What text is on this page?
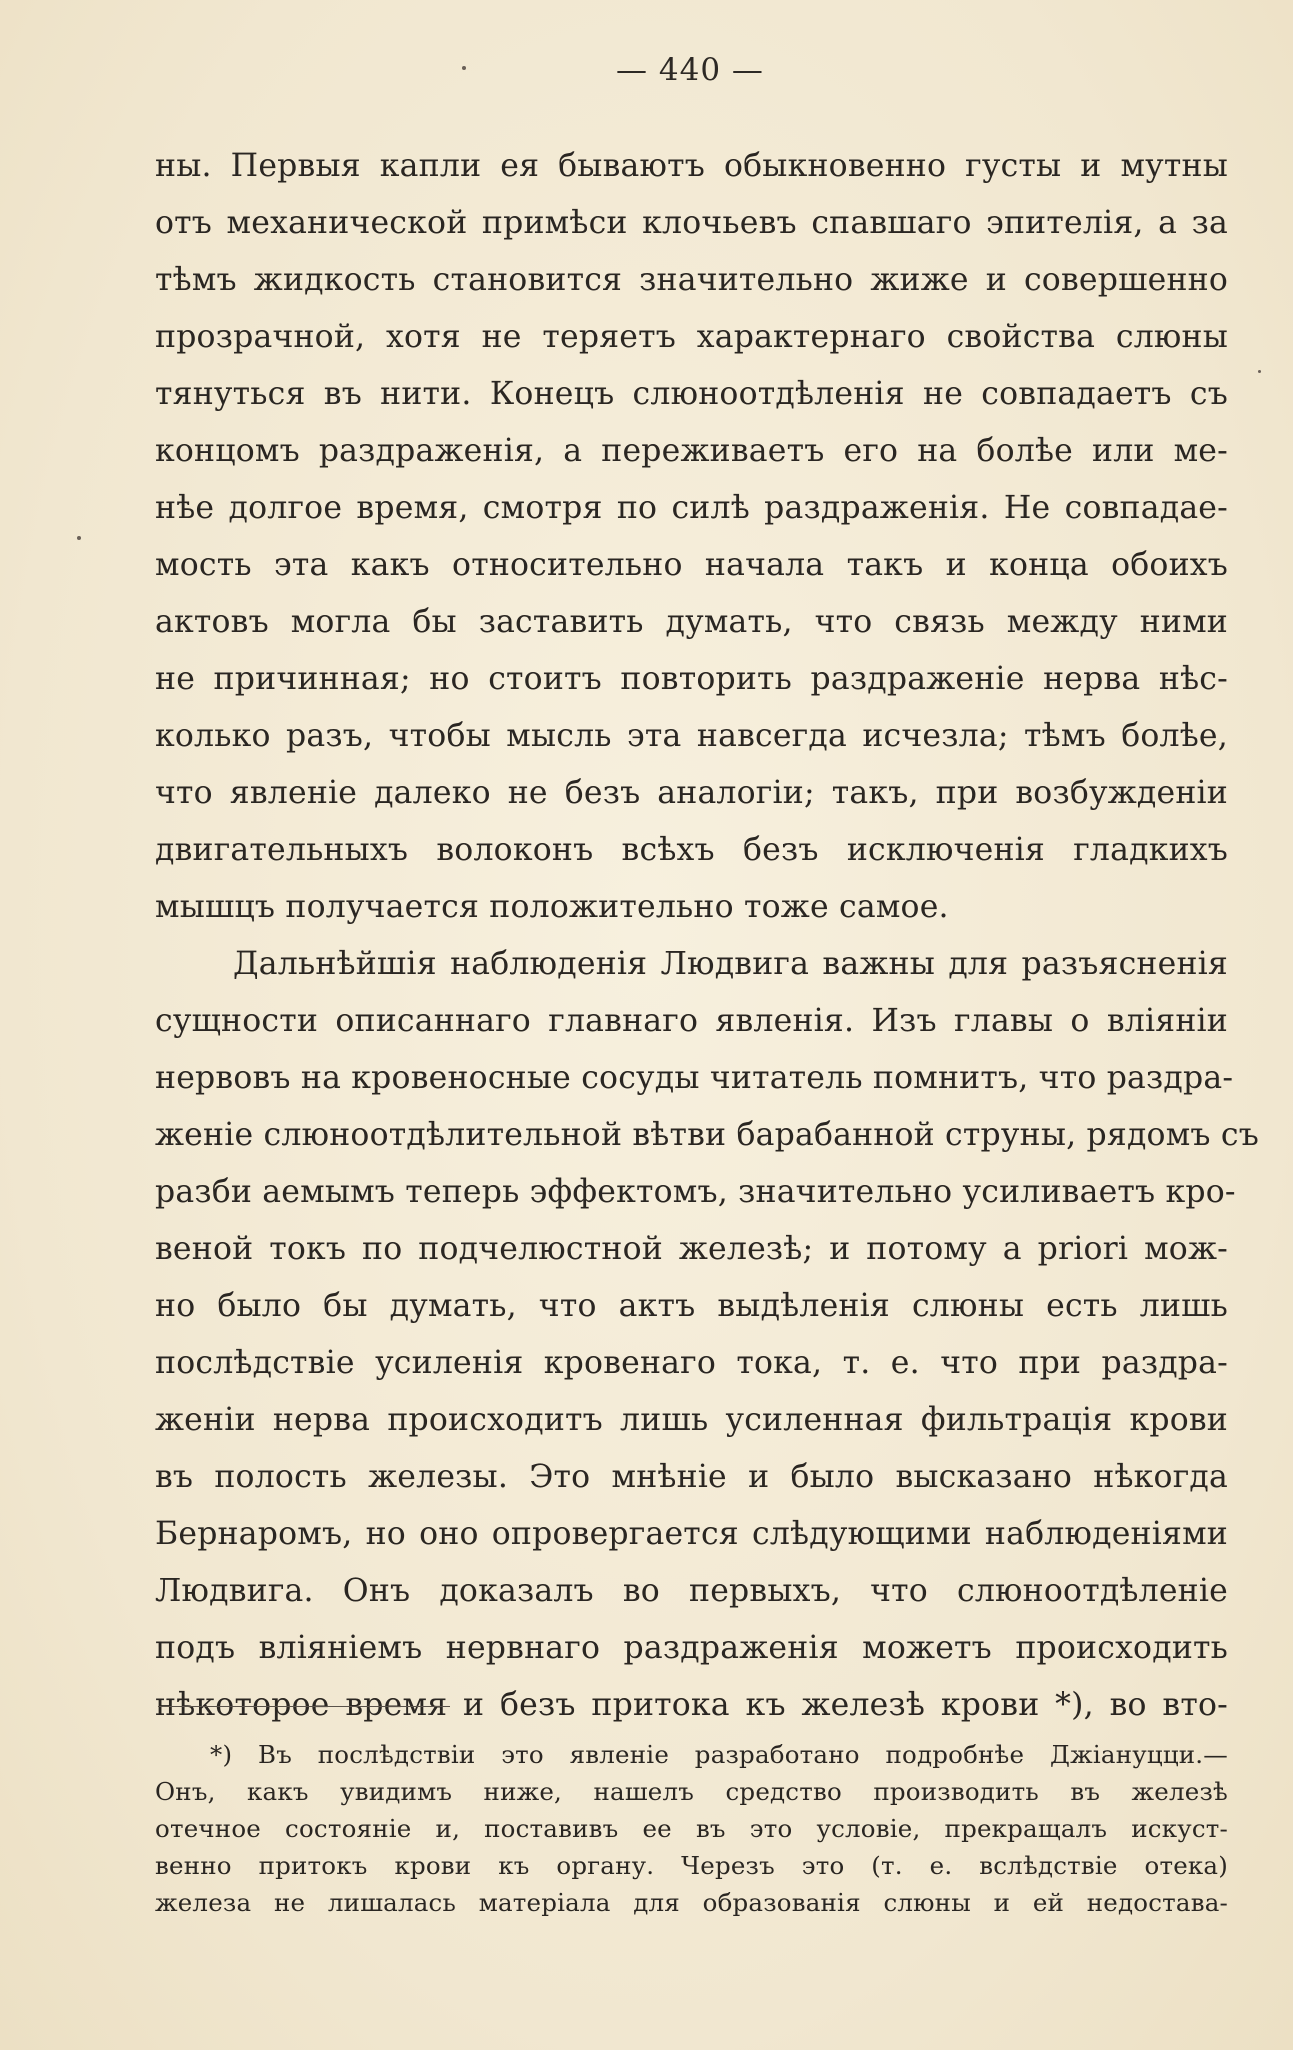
— 440 —
ны. Первыя капли ея бываютъ обыкновенно густы и мутны
отъ механической примѣси клочьевъ спавшаго эпителія, а за
тѣмъ жидкость становится значительно жиже и совершенно
прозрачной, хотя не теряетъ характернаго свойства слюны
тянуться въ нити. Конецъ слюноотдѣленія не совпадаетъ съ
концомъ раздраженія, а переживаетъ его на болѣе или ме-
нѣе долгое время, смотря по силѣ раздраженія. Не совпадае-
мость эта какъ относительно начала такъ и конца обоихъ
актовъ могла бы заставить думать, что связь между ними
не причинная; но стоитъ повторить раздраженіе нерва нѣс-
колько разъ, чтобы мысль эта навсегда исчезла; тѣмъ болѣе,
что явленіе далеко не безъ аналогіи; такъ, при возбужденіи
двигательныхъ волоконъ всѣхъ безъ исключенія гладкихъ
мышцъ получается положительно тоже самое.
Дальнѣйшія наблюденія Людвига важны для разъясненія
сущности описаннаго главнаго явленія. Изъ главы о вліяніи
нервовъ на кровеносные сосуды читатель помнитъ, что раздра-
женіе слюноотдѣлительной вѣтви барабанной струны, рядомъ съ
разби аемымъ теперь эффектомъ, значительно усиливаетъ кро-
веной токъ по подчелюстной железѣ; и потому a priori мож-
но было бы думать, что актъ выдѣленія слюны есть лишь
послѣдствіе усиленія кровенаго тока, т. е. что при раздра-
женіи нерва происходитъ лишь усиленная фильтрація крови
въ полость железы. Это мнѣніе и было высказано нѣкогда
Бернаромъ, но оно опровергается слѣдующими наблюденіями
Людвига. Онъ доказалъ во первыхъ, что слюноотдѣленіе
подъ вліяніемъ нервнаго раздраженія можетъ происходить
нѣкоторое время и безъ притока къ железѣ крови *), во вто-
*) Въ послѣдствіи это явленіе разработано подробнѣе Джіануцци.—
Онъ, какъ увидимъ ниже, нашелъ средство производить въ железѣ
отечное состояніе и, поставивъ ее въ это условіе, прекращалъ искуст-
венно притокъ крови къ органу. Черезъ это (т. е. вслѣдствіе отека)
железа не лишалась матеріала для образованія слюны и ей недостава-
